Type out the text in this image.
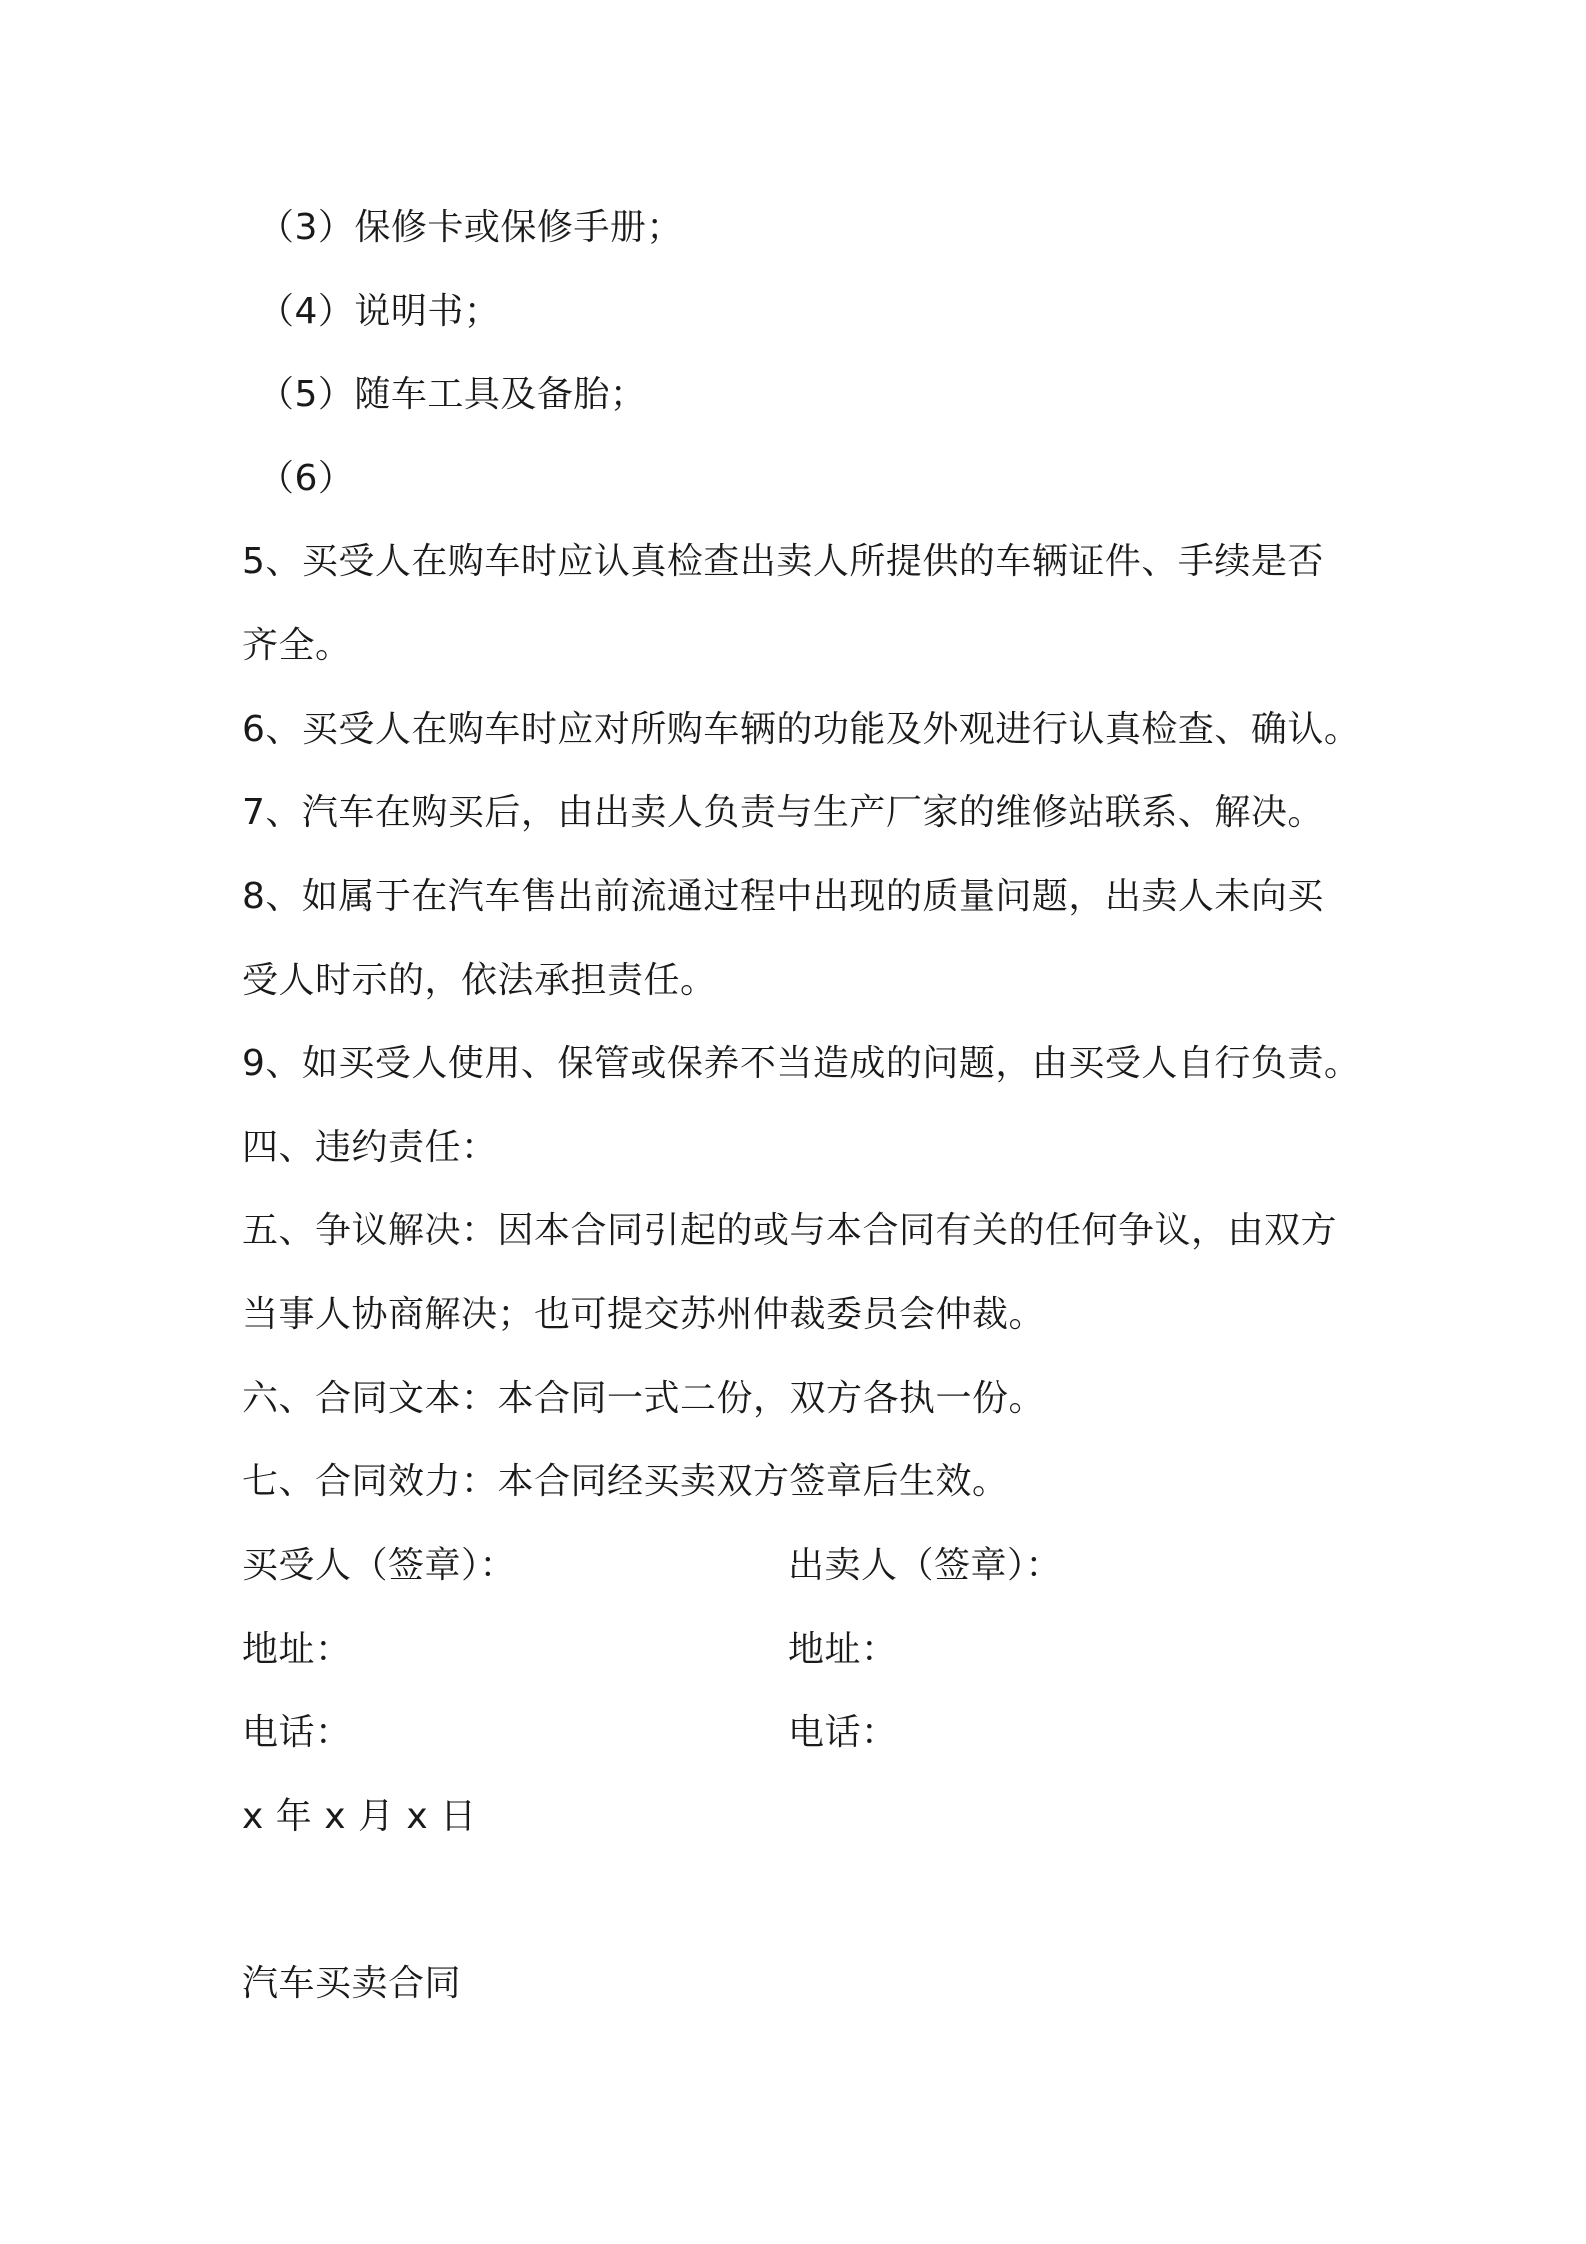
（3）保修卡或保修手册；
（4）说明书；
（5）随车工具及备胎；
（6）
5、买受人在购车时应认真检查出卖人所提供的车辆证件、手续是否
齐全。
6、买受人在购车时应对所购车辆的功能及外观进行认真检查、确认。
7、汽车在购买后，由出卖人负责与生产厂家的维修站联系、解决。
8、如属于在汽车售出前流通过程中出现的质量问题，出卖人未向买
受人时示的，依法承担责任。
9、如买受人使用、保管或保养不当造成的问题，由买受人自行负责。
四、违约责任：
五、争议解决：因本合同引起的或与本合同有关的任何争议，由双方
当事人协商解决；也可提交苏州仲裁委员会仲裁。
六、合同文本：本合同一式二份，双方各执一份。
七、合同效力：本合同经买卖双方签章后生效。
买受人（签章）：	出卖人（签章）：
地址：	地址：
电话：	电话：
x 年 x 月 x 日
汽车买卖合同
